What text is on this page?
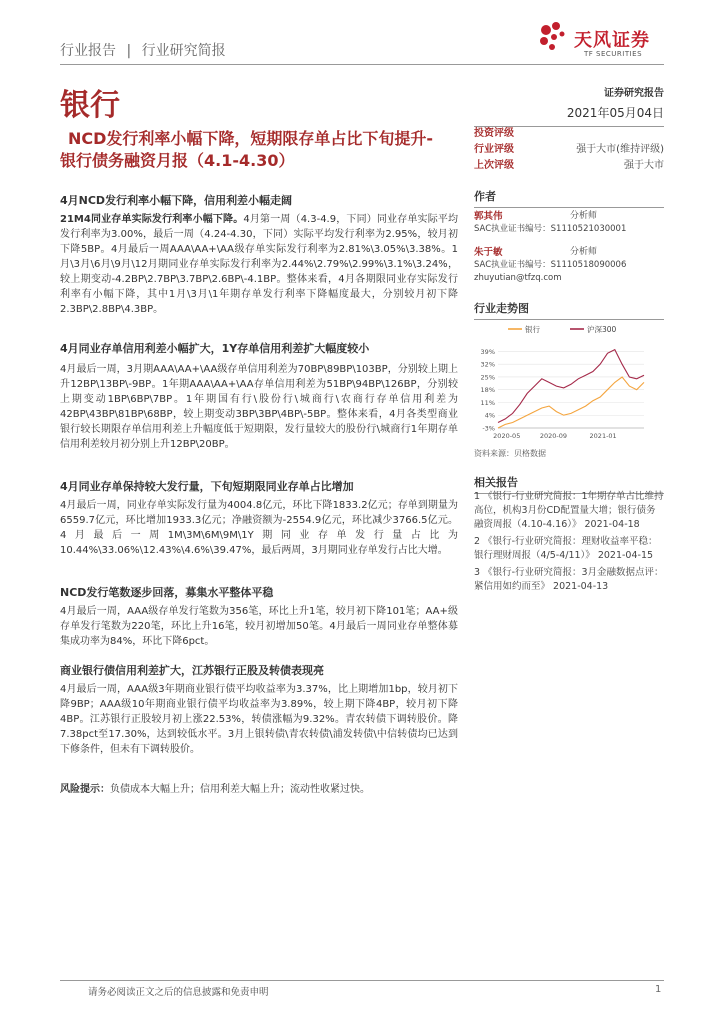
行业报告 | 行业研究简报	天风证券
TF SECURITIES
银行
NCD发行利率小幅下降，短期限存单占比下旬提升-
银行债务融资月报（4.1-4.30）
证券研究报告
2021年05月04日
投资评级
行业评级	强于大市(维持评级)
上次评级	强于大市
作者
郭其伟	分析师
SAC执业证书编号：S1110521030001
朱于敏	分析师
SAC执业证书编号：S1110518090006
zhuyutian@tfzq.com
行业走势图
银行	沪深300
-3%
4%
11%
18%
25%
32%
39%
2020-05	2020-09	2021-01
资料来源：贝格数据
相关报告
1 《银行-行业研究简报：1年期存单占比维持高位，机构3月份CD配置量大增；银行债务融资周报（4.10-4.16）》 2021-04-18
2 《银行-行业研究简报：理财收益率平稳：银行理财周报（4/5-4/11）》 2021-04-15
3 《银行-行业研究简报：3月金融数据点评：紧信用如约而至》 2021-04-13
4月NCD发行利率小幅下降，信用利差小幅走阔
21M4同业存单实际发行利率小幅下降。4月第一周（4.3-4.9，下同）同业存单实际平均发行利率为3.00%，最后一周（4.24-4.30，下同）实际平均发行利率为2.95%，较月初下降5BP。4月最后一周AAA\AA+\AA级存单实际发行利率为2.81%\3.05%\3.38%。1月\3月\6月\9月\12月期同业存单实际发行利率为2.44%\2.79%\2.99%\3.1%\3.24%，较上期变动-4.2BP\2.7BP\3.7BP\2.6BP\-4.1BP。整体来看，4月各期限同业存实际发行利率有小幅下降，其中1月\3月\1年期存单发行利率下降幅度最大，分别较月初下降2.3BP\2.8BP\4.3BP。
4月同业存单信用利差小幅扩大，1Y存单信用利差扩大幅度较小
4月最后一周，3月期AAA\AA+\AA级存单信用利差为70BP\89BP\103BP，分别较上期上升12BP\13BP\-9BP。1年期AAA\AA+\AA存单信用利差为51BP\94BP\126BP，分别较上期变动1BP\6BP\7BP。1年期国有行\股份行\城商行\农商行存单信用利差为42BP\43BP\81BP\68BP，较上期变动3BP\3BP\4BP\-5BP。整体来看，4月各类型商业银行较长期限存单信用利差上升幅度低于短期限，发行量较大的股份行\城商行1年期存单信用利差较月初分别上升12BP\20BP。
4月同业存单保持较大发行量，下旬短期限同业存单占比增加
4月最后一周，同业存单实际发行量为4004.8亿元，环比下降1833.2亿元；存单到期量为6559.7亿元，环比增加1933.3亿元；净融资额为-2554.9亿元，环比减少3766.5亿元。4月最后一周1M\3M\6M\9M\1Y期同业存单发行量占比为10.44%\33.06%\12.43%\4.6%\39.47%，最后两周，3月期同业存单发行占比大增。
NCD发行笔数逐步回落，募集水平整体平稳
4月最后一周，AAA级存单发行笔数为356笔，环比上升1笔，较月初下降101笔；AA+级存单发行笔数为220笔，环比上升16笔，较月初增加50笔。4月最后一周同业存单整体募集成功率为84%，环比下降6pct。
商业银行债信用利差扩大，江苏银行正股及转债表现亮
4月最后一周，AAA级3年期商业银行债平均收益率为3.37%，比上期增加1bp，较月初下降9BP；AAA级10年期商业银行债平均收益率为3.89%，较上期下降4BP，较月初下降4BP。江苏银行正股较月初上涨22.53%，转债涨幅为9.32%。青农转债下调转股价。降7.38pct至17.30%，达到较低水平。3月上银转债\青农转债\浦发转债\中信转债均已达到下修条件，但未有下调转股价。
风险提示：负债成本大幅上升；信用利差大幅上升；流动性收紧过快。
请务必阅读正文之后的信息披露和免责申明	1
